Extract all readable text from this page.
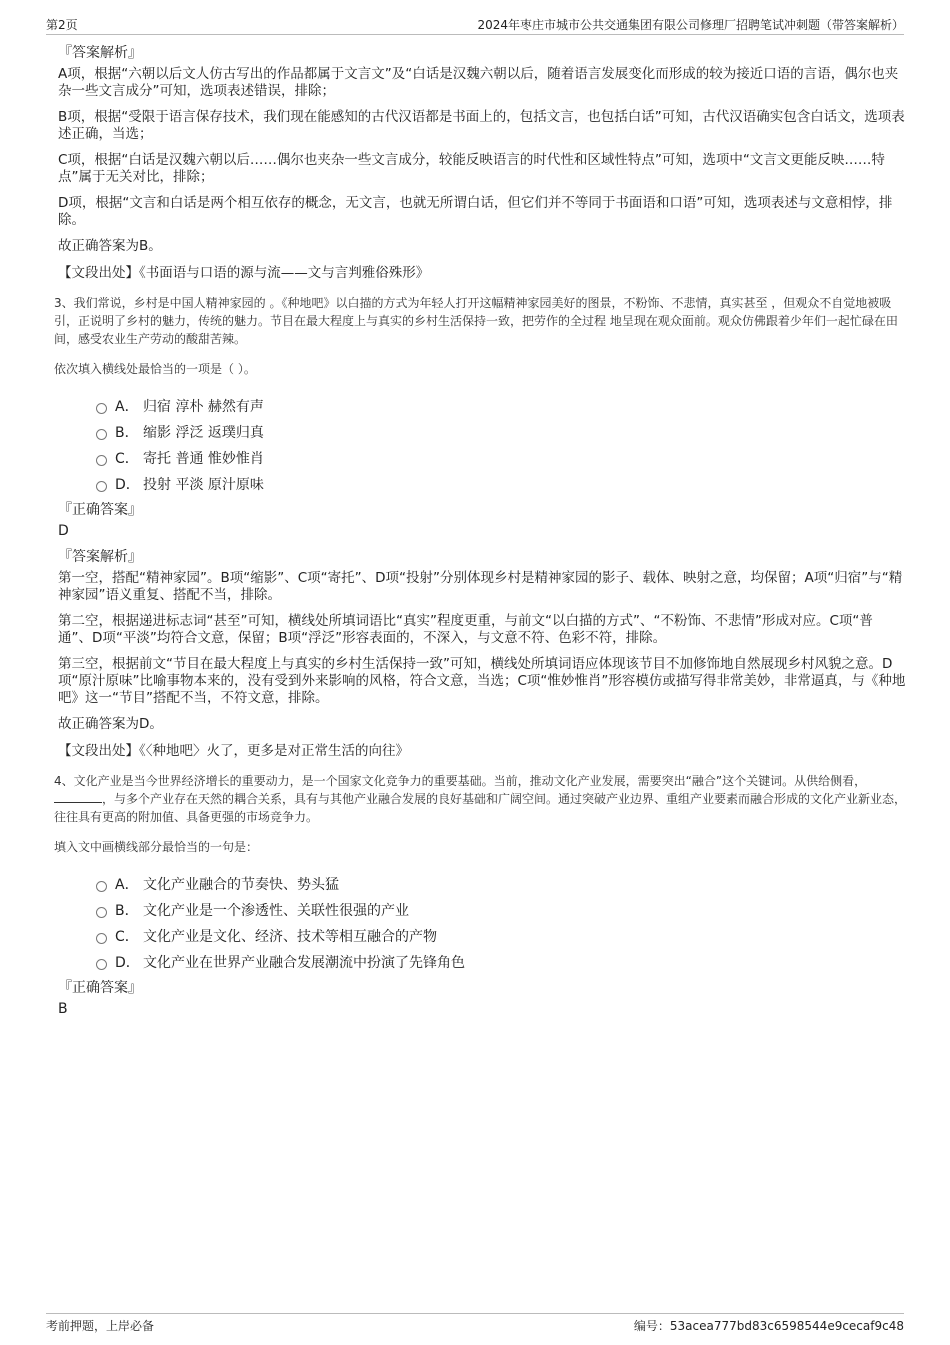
第2页	2024年枣庄市城市公共交通集团有限公司修理厂招聘笔试冲刺题（带答案解析）
『答案解析』

A项，根据“六朝以后文人仿古写出的作品都属于文言文”及“白话是汉魏六朝以后，随着语言发展变化而形成的较为接近口语的言语，偶尔也夹杂一些文言成分”可知，选项表述错误，排除；

B项，根据“受限于语言保存技术，我们现在能感知的古代汉语都是书面上的，包括文言，也包括白话”可知，古代汉语确实包含白话文，选项表述正确，当选；

C项，根据“白话是汉魏六朝以后……偶尔也夹杂一些文言成分，较能反映语言的时代性和区域性特点”可知，选项中“文言文更能反映……特点”属于无关对比，排除；

D项，根据“文言和白话是两个相互依存的概念，无文言，也就无所谓白话，但它们并不等同于书面语和口语”可知，选项表述与文意相悖，排除。

故正确答案为B。

【文段出处】《书面语与口语的源与流——文与言判雅俗殊形》

3、我们常说，乡村是中国人精神家园的 。《种地吧》以白描的方式为年轻人打开这幅精神家园美好的图景，不粉饰、不悲情，真实甚至 ，但观众不自觉地被吸引，正说明了乡村的魅力，传统的魅力。节目在最大程度上与真实的乡村生活保持一致，把劳作的全过程 地呈现在观众面前。观众仿佛跟着少年们一起忙碌在田间，感受农业生产劳动的酸甜苦辣。

依次填入横线处最恰当的一项是（ ）。

A． 归宿 淳朴 赫然有声
B． 缩影 浮泛 返璞归真
C． 寄托 普通 惟妙惟肖
D． 投射 平淡 原汁原味
『正确答案』
D
『答案解析』

第一空，搭配“精神家园”。B项“缩影”、C项“寄托”、D项“投射”分别体现乡村是精神家园的影子、载体、映射之意，均保留；A项“归宿”与“精神家园”语义重复、搭配不当，排除。

第二空，根据递进标志词“甚至”可知，横线处所填词语比“真实”程度更重，与前文“以白描的方式”、“不粉饰、不悲情”形成对应。C项“普通”、D项“平淡”均符合文意，保留；B项“浮泛”形容表面的，不深入，与文意不符、色彩不符，排除。

第三空，根据前文“节目在最大程度上与真实的乡村生活保持一致”可知，横线处所填词语应体现该节目不加修饰地自然展现乡村风貌之意。D项“原汁原味”比喻事物本来的，没有受到外来影响的风格，符合文意，当选；C项“惟妙惟肖”形容模仿或描写得非常美妙，非常逼真，与《种地吧》这一“节目”搭配不当，不符文意，排除。

故正确答案为D。

【文段出处】《〈种地吧〉火了，更多是对正常生活的向往》

4、文化产业是当今世界经济增长的重要动力，是一个国家文化竞争力的重要基础。当前，推动文化产业发展，需要突出“融合”这个关键词。从供给侧看，，与多个产业存在天然的耦合关系，具有与其他产业融合发展的良好基础和广阔空间。通过突破产业边界、重组产业要素而融合形成的文化产业新业态，往往具有更高的附加值、具备更强的市场竞争力。

填入文中画横线部分最恰当的一句是：

A． 文化产业融合的节奏快、势头猛
B． 文化产业是一个渗透性、关联性很强的产业
C． 文化产业是文化、经济、技术等相互融合的产物
D． 文化产业在世界产业融合发展潮流中扮演了先锋角色
『正确答案』
B
考前押题，上岸必备	编号：53acea777bd83c6598544e9cecaf9c48
